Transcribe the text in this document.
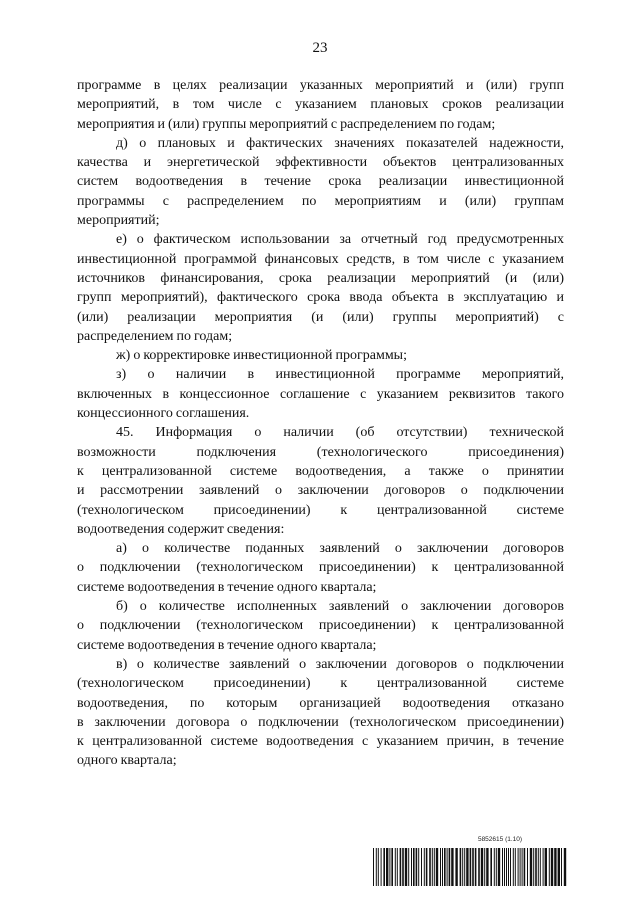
23
программе в целях реализации указанных мероприятий и (или) групп
мероприятий, в том числе с указанием плановых сроков реализации
мероприятия и (или) группы мероприятий с распределением по годам;
д) о плановых и фактических значениях показателей надежности,
качества и энергетической эффективности объектов централизованных
систем водоотведения в течение срока реализации инвестиционной
программы с распределением по мероприятиям и (или) группам
мероприятий;
е) о фактическом использовании за отчетный год предусмотренных
инвестиционной программой финансовых средств, в том числе с указанием
источников финансирования, срока реализации мероприятий (и (или)
групп мероприятий), фактического срока ввода объекта в эксплуатацию и
(или) реализации мероприятия (и (или) группы мероприятий) с
распределением по годам;
ж) о корректировке инвестиционной программы;
з) о наличии в инвестиционной программе мероприятий,
включенных в концессионное соглашение с указанием реквизитов такого
концессионного соглашения.
45. Информация о наличии (об отсутствии) технической
возможности подключения (технологического присоединения)
к централизованной системе водоотведения, а также о принятии
и рассмотрении заявлений о заключении договоров о подключении
(технологическом присоединении) к централизованной системе
водоотведения содержит сведения:
а) о количестве поданных заявлений о заключении договоров
о подключении (технологическом присоединении) к централизованной
системе водоотведения в течение одного квартала;
б) о количестве исполненных заявлений о заключении договоров
о подключении (технологическом присоединении) к централизованной
системе водоотведения в течение одного квартала;
в) о количестве заявлений о заключении договоров о подключении
(технологическом присоединении) к централизованной системе
водоотведения, по которым организацией водоотведения отказано
в заключении договора о подключении (технологическом присоединении)
к централизованной системе водоотведения с указанием причин, в течение
одного квартала;
5852615 (1.10)
